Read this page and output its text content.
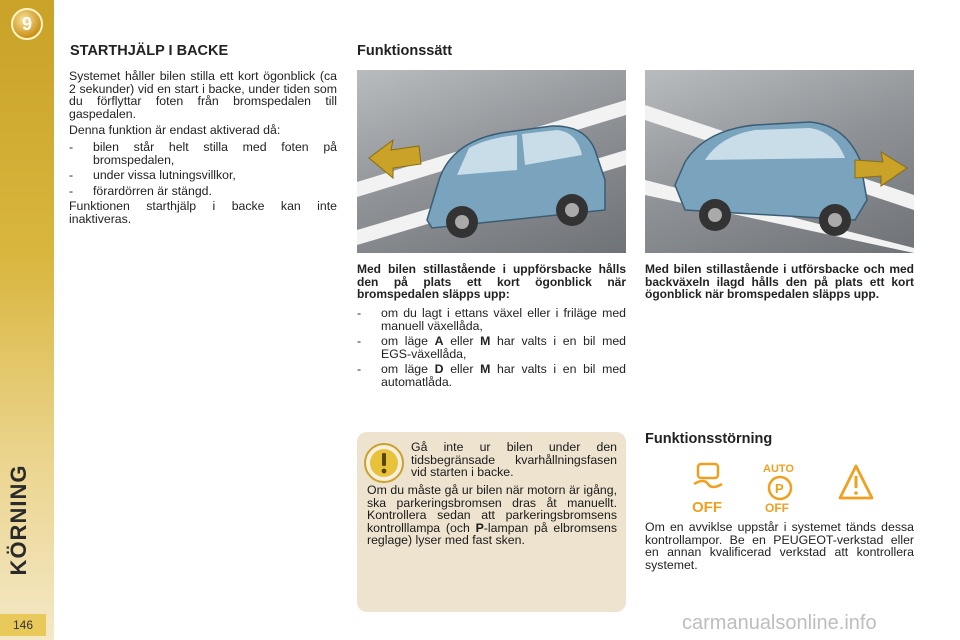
9
KÖRNING
146
STARTHJÄLP I BACKE

Systemet håller bilen stilla ett kort ögonblick (ca 2 sekunder) vid en start i backe, under tiden som du förflyttar foten från bromspedalen till gaspedalen.

Denna funktion är endast aktiverad då:

-	bilen står helt stilla med foten på bromspedalen,
-	under vissa lutningsvillkor,
-	förardörren är stängd.

Funktionen starthjälp i backe kan inte inaktiveras.

Funktionssätt
Med bilen stillastående i uppförsbacke hålls den på plats ett kort ögonblick när bromspedalen släpps upp:
-	om du lagt i ettans växel eller i friläge med manuell växellåda,
-	om läge A eller M har valts i en bil med EGS-växellåda,
-	om läge D eller M har valts i en bil med automatlåda.
Med bilen stillastående i utförsbacke och med backväxeln ilagd hålls den på plats ett kort ögonblick när bromspedalen släpps upp.
Gå inte ur bilen under den tidsbegränsade kvarhållningsfasen vid starten i backe.
Om du måste gå ur bilen när motorn är igång, ska parkeringsbromsen dras åt manuellt. Kontrollera sedan att parkeringsbromsens kontrolllampa (och P-lampan på elbromsens reglage) lyser med fast sken.
Funktionsstörning
OFF
AUTO
P
OFF
Om en avviklse uppstår i systemet tänds dessa kontrollampor. Be en PEUGEOT-verkstad eller en annan kvalificerad verkstad att kontrollera systemet.
carmanualsonline.info
